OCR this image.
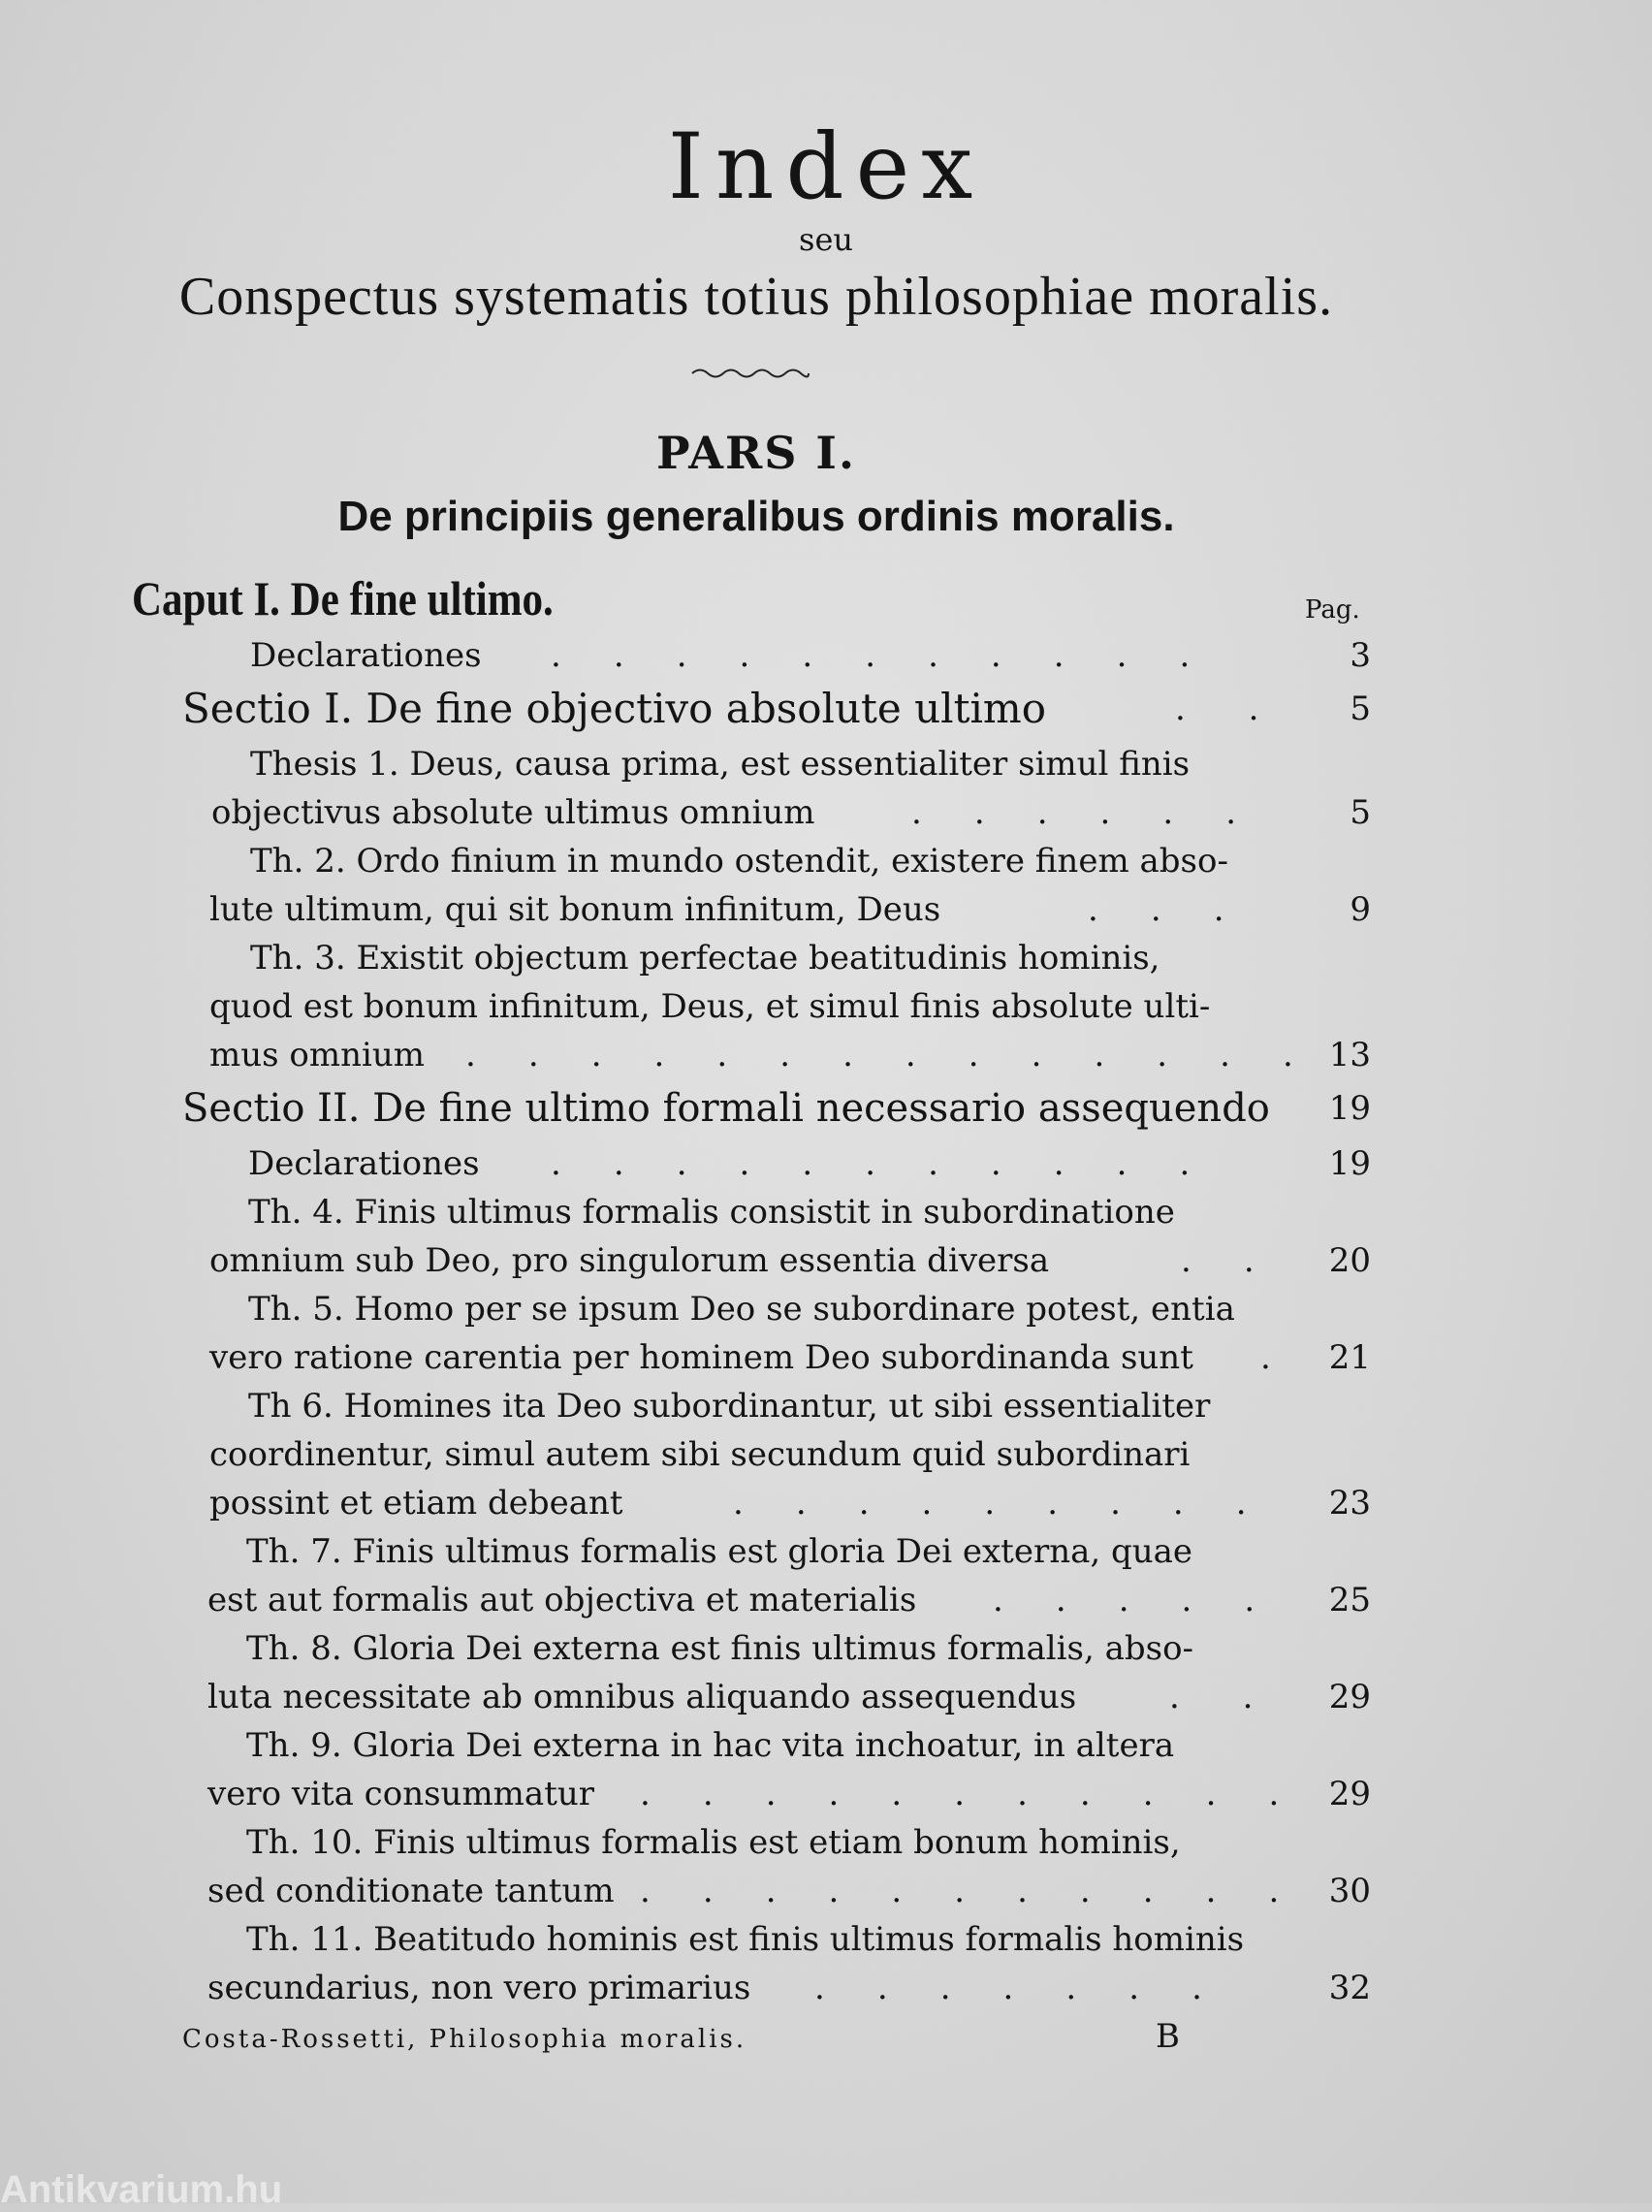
Index
seu
Conspectus systematis totius philosophiae moralis.
PARS I.
De principiis generalibus ordinis moralis.
Caput I. De fine ultimo.	Pag.
Declarationes .     .     .     .     .     .     .     .     .     .     .	3
Sectio I. De fine objectivo absolute ultimo	.      .	5
Thesis 1. Deus, causa prima, est essentialiter simul finis
objectivus absolute ultimus omnium	.     .     .     .     .     .	5
Th. 2. Ordo finium in mundo ostendit, existere finem abso-
lute ultimum, qui sit bonum infinitum, Deus	.     .     .	9
Th. 3. Existit objectum perfectae beatitudinis hominis,
quod est bonum infinitum, Deus, et simul finis absolute ulti-
mus omnium .     .     .     .     .     .     .     .     .     .     .     .     .     . 13
Sectio II. De fine ultimo formali necessario assequendo 19
Declarationes .     .     .     .     .     .     .     .     .     .     .	19
Th. 4. Finis ultimus formalis consistit in subordinatione
omnium sub Deo, pro singulorum essentia diversa	.     . 20
Th. 5. Homo per se ipsum Deo se subordinare potest, entia
vero ratione carentia per hominem Deo subordinanda sunt . 21
Th 6. Homines ita Deo subordinantur, ut sibi essentialiter
coordinentur, simul autem sibi secundum quid subordinari
possint et etiam debeant	.     .     .     .     .     .     .     .     .	23
Th. 7. Finis ultimus formalis est gloria Dei externa, quae
est aut formalis aut objectiva et materialis .     .     .     .     . 25
Th. 8. Gloria Dei externa est finis ultimus formalis, abso-
luta necessitate ab omnibus aliquando assequendus	.      . 29
Th. 9. Gloria Dei externa in hac vita inchoatur, in altera
vero vita consummatur .     .     .     .     .     .     .     .     .     .     . 29
Th. 10. Finis ultimus formalis est etiam bonum hominis,
sed conditionate tantum .     .     .     .     .     .     .     .     .     .     . 30
Th. 11. Beatitudo hominis est finis ultimus formalis hominis
secundarius, non vero primarius .     .     .     .     .     .     .	32
Costa-Rossetti, Philosophia moralis.	B
Antikvarium.hu
